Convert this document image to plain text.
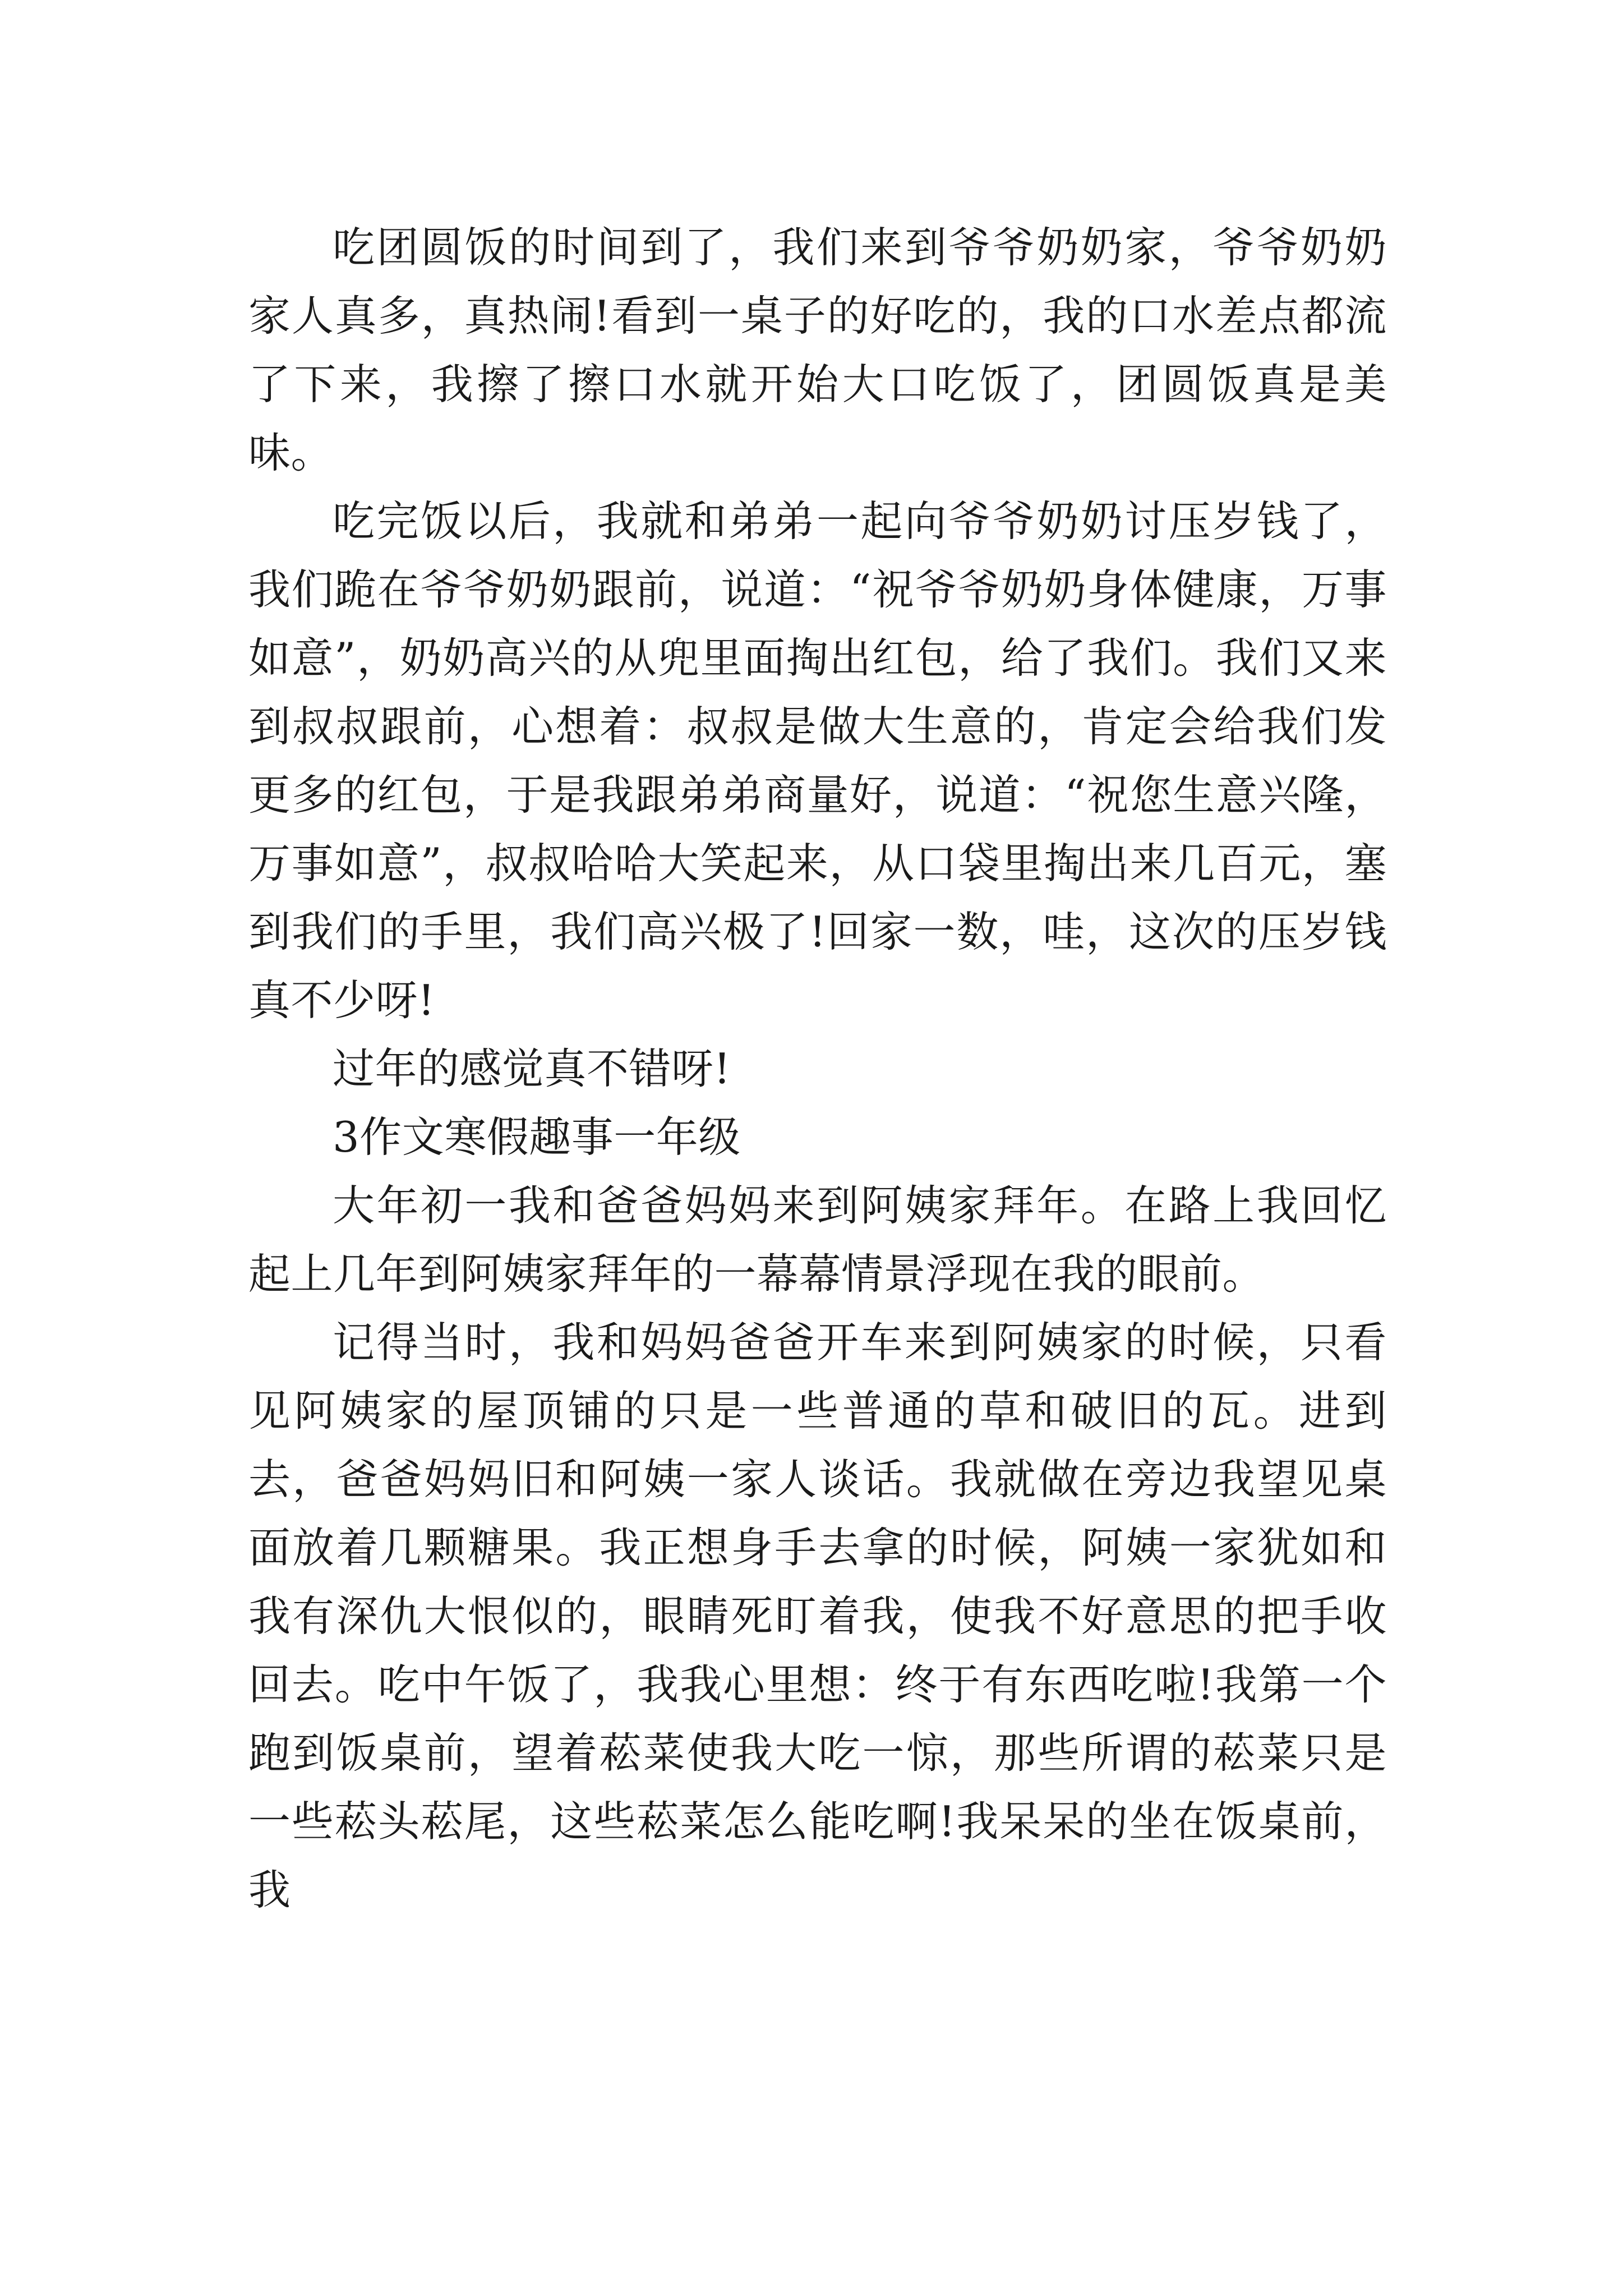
吃团圆饭的时间到了，我们来到爷爷奶奶家，爷爷奶奶家人真多，真热闹!看到一桌子的好吃的，我的口水差点都流了下来，我擦了擦口水就开始大口吃饭了，团圆饭真是美味。

吃完饭以后，我就和弟弟一起向爷爷奶奶讨压岁钱了，我们跪在爷爷奶奶跟前，说道：“祝爷爷奶奶身体健康，万事如意”，奶奶高兴的从兜里面掏出红包，给了我们。我们又来到叔叔跟前，心想着：叔叔是做大生意的，肯定会给我们发更多的红包，于是我跟弟弟商量好，说道：“祝您生意兴隆，万事如意”，叔叔哈哈大笑起来，从口袋里掏出来几百元，塞到我们的手里，我们高兴极了!回家一数，哇，这次的压岁钱真不少呀!

过年的感觉真不错呀!

3作文寒假趣事一年级

大年初一我和爸爸妈妈来到阿姨家拜年。在路上我回忆起上几年到阿姨家拜年的一幕幕情景浮现在我的眼前。

记得当时，我和妈妈爸爸开车来到阿姨家的时候，只看见阿姨家的屋顶铺的只是一些普通的草和破旧的瓦。进到去，爸爸妈妈旧和阿姨一家人谈话。我就做在旁边我望见桌面放着几颗糖果。我正想身手去拿的时候，阿姨一家犹如和我有深仇大恨似的，眼睛死盯着我，使我不好意思的把手收回去。吃中午饭了，我我心里想：终于有东西吃啦!我第一个跑到饭桌前，望着菘菜使我大吃一惊，那些所谓的菘菜只是一些菘头菘尾，这些菘菜怎么能吃啊!我呆呆的坐在饭桌前，我
